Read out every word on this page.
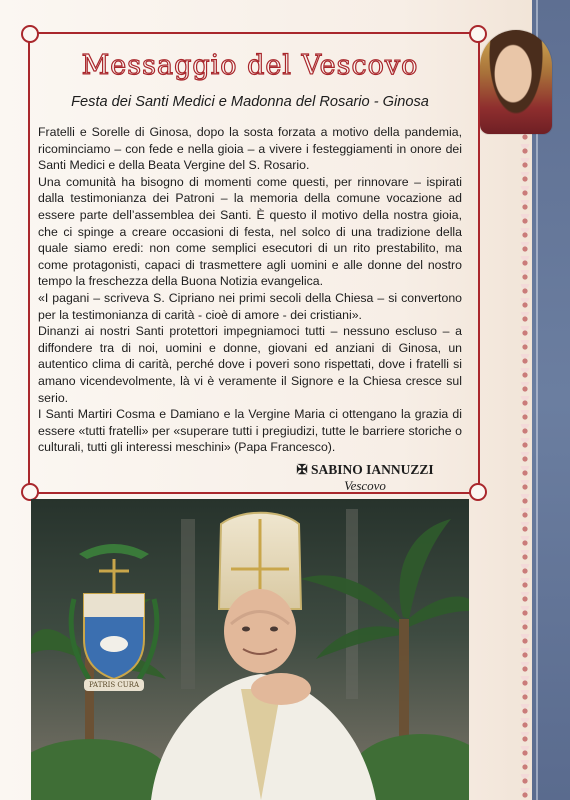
Messaggio del Vescovo

Festa dei Santi Medici e Madonna del Rosario - Ginosa

Fratelli e Sorelle di Ginosa, dopo la sosta forzata a motivo della pandemia, ricominciamo – con fede e nella gioia – a vivere i festeggiamenti in onore dei Santi Medici e della Beata Vergine del S. Rosario.

Una comunità ha bisogno di momenti come questi, per rinnovare – ispirati dalla testimonianza dei Patroni – la memoria della comune vocazione ad essere parte dell’assemblea dei Santi. È questo il motivo della nostra gioia, che ci spinge a creare occasioni di festa, nel solco di una tradizione della quale siamo eredi: non come semplici esecutori di un rito prestabilito, ma come protagonisti, capaci di trasmettere agli uomini e alle donne del nostro tempo la freschezza della Buona Notizia evangelica.

«I pagani – scriveva S. Cipriano nei primi secoli della Chiesa – si convertono per la testimonianza di carità - cioè di amore - dei cristiani».

Dinanzi ai nostri Santi protettori impegniamoci tutti – nessuno escluso – a diffondere tra di noi, uomini e donne, giovani ed anziani di Ginosa, un autentico clima di carità, perché dove i poveri sono rispettati, dove i fratelli si amano vicendevolmente, là vi è veramente il Signore e la Chiesa cresce sul serio.

I Santi Martiri Cosma e Damiano e la Vergine Maria ci ottengano la grazia di essere «tutti fratelli» per «superare tutti i pregiudizi, tutte le barriere storiche o culturali, tutti gli interessi meschini» (Papa Francesco).

✠ SABINO IANNUZZI
Vescovo
PATRIS CURA
